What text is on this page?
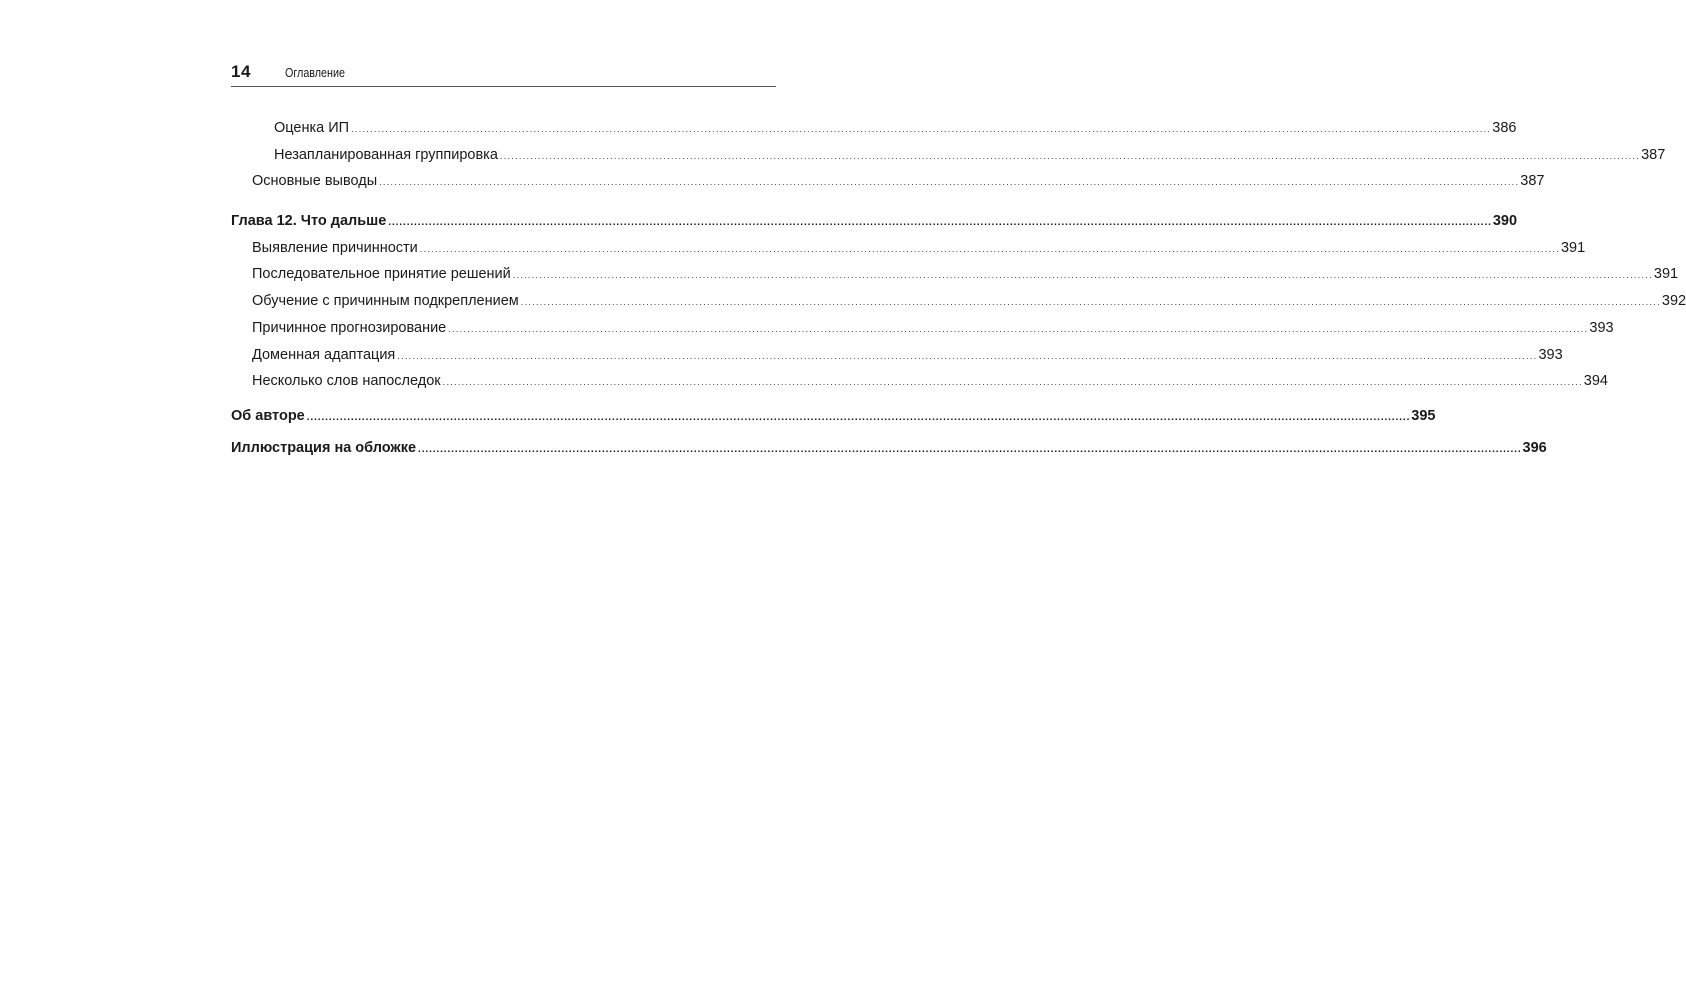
14	Оглавление
Оценка ИП ............................................................................................................................................................................................................................................................................................................ 386
Незапланированная группировка ............................................................................................................................................................................................................................................................................................................ 387
Основные выводы ............................................................................................................................................................................................................................................................................................................ 387
Глава 12. Что дальше ............................................................................................................................................................................................................................................................................................................ 390
Выявление причинности ............................................................................................................................................................................................................................................................................................................ 391
Последовательное принятие решений ............................................................................................................................................................................................................................................................................................................ 391
Обучение с причинным подкреплением ............................................................................................................................................................................................................................................................................................................ 392
Причинное прогнозирование ............................................................................................................................................................................................................................................................................................................ 393
Доменная адаптация ............................................................................................................................................................................................................................................................................................................ 393
Несколько слов напоследок ............................................................................................................................................................................................................................................................................................................ 394
Об авторе ............................................................................................................................................................................................................................................................................................................ 395
Иллюстрация на обложке ............................................................................................................................................................................................................................................................................................................ 396
